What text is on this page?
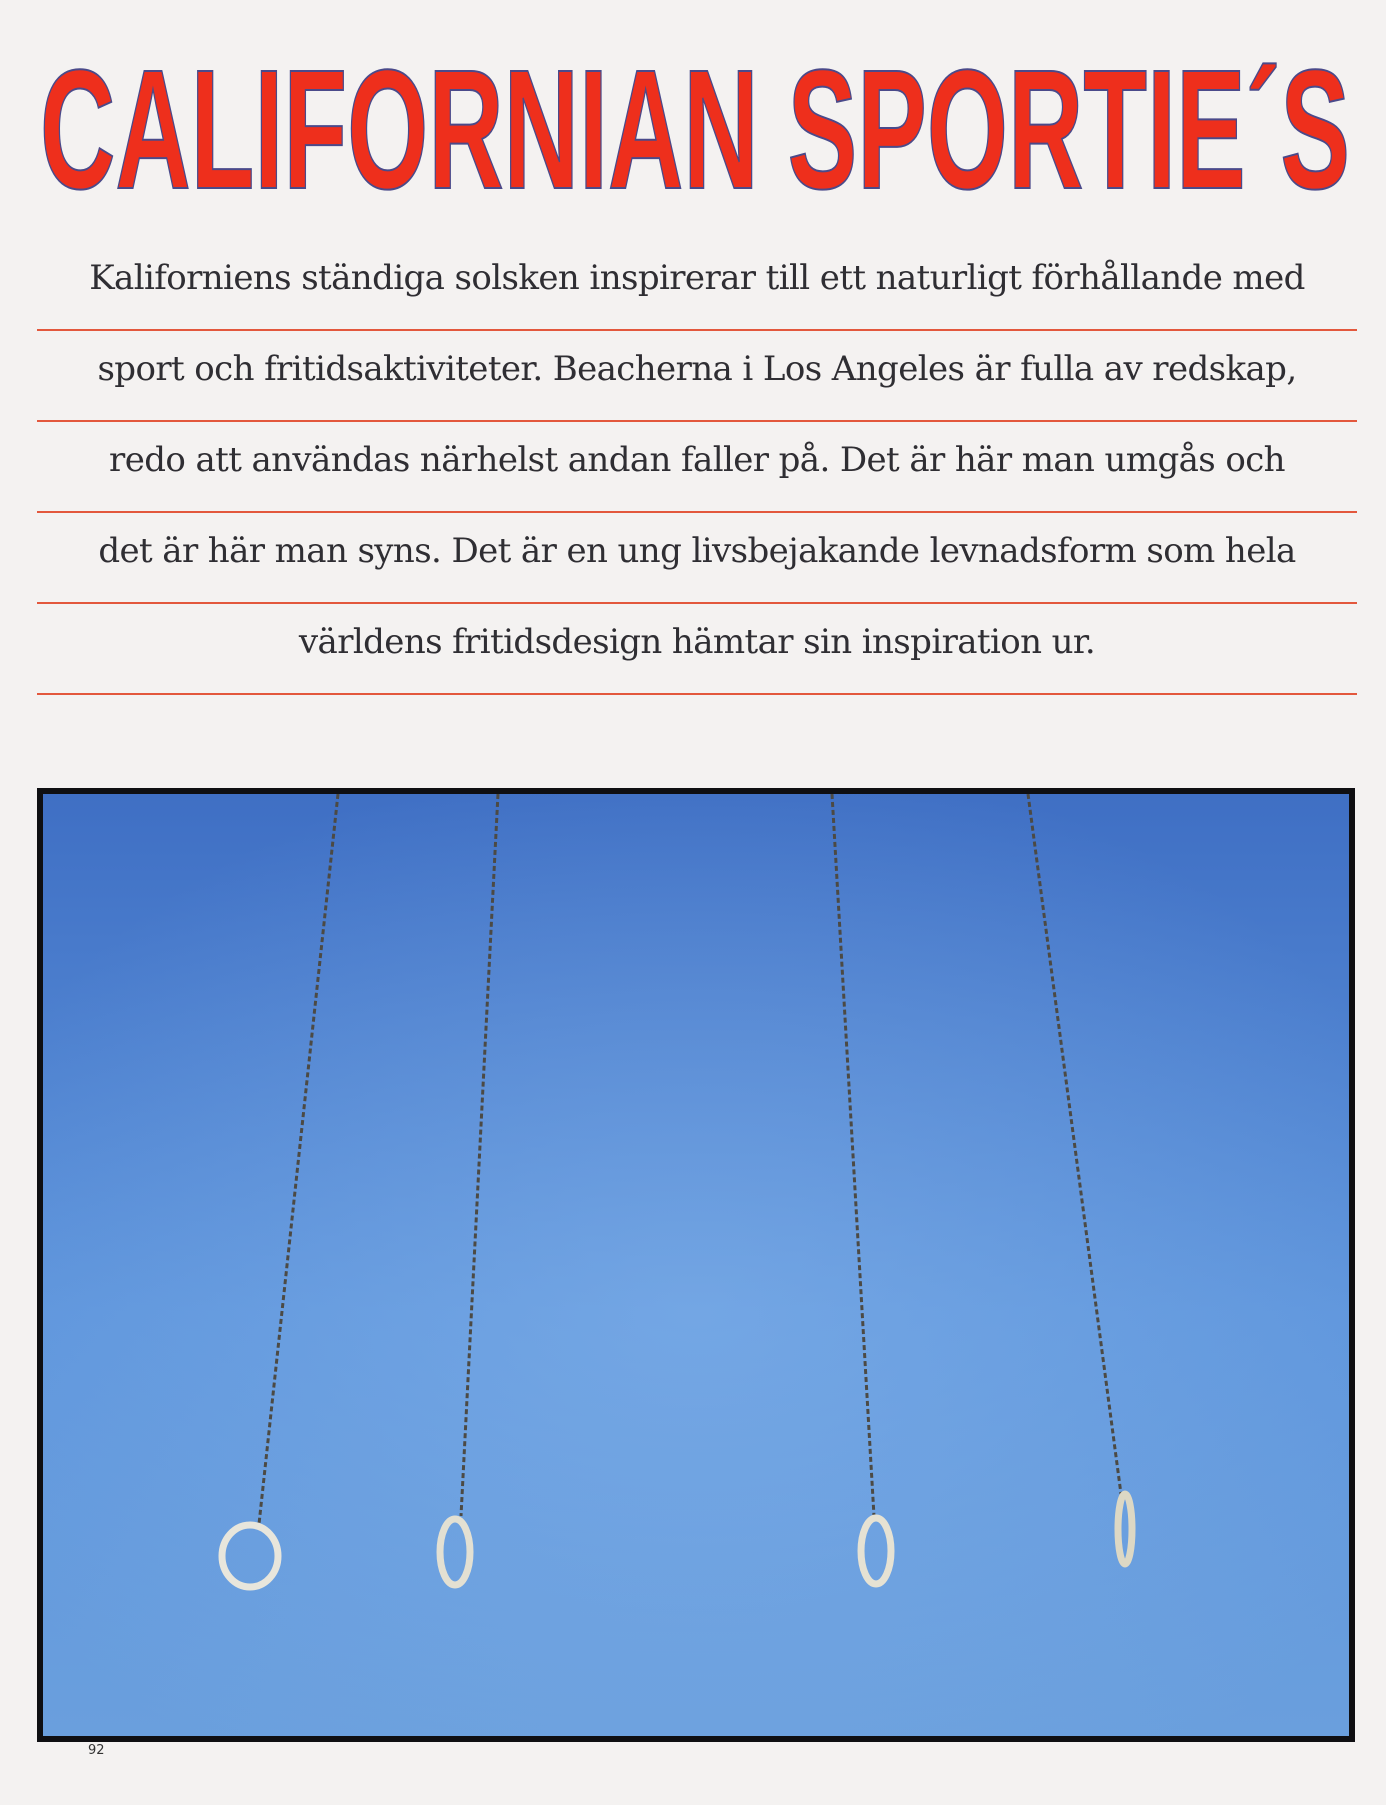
CALIFORNIAN SPORTIE´S
Kaliforniens ständiga solsken inspirerar till ett naturligt förhållande med
sport och fritidsaktiviteter. Beacherna i Los Angeles är fulla av redskap,
redo att användas närhelst andan faller på. Det är här man umgås och
det är här man syns. Det är en ung livsbejakande levnadsform som hela
världens fritidsdesign hämtar sin inspiration ur.
92
